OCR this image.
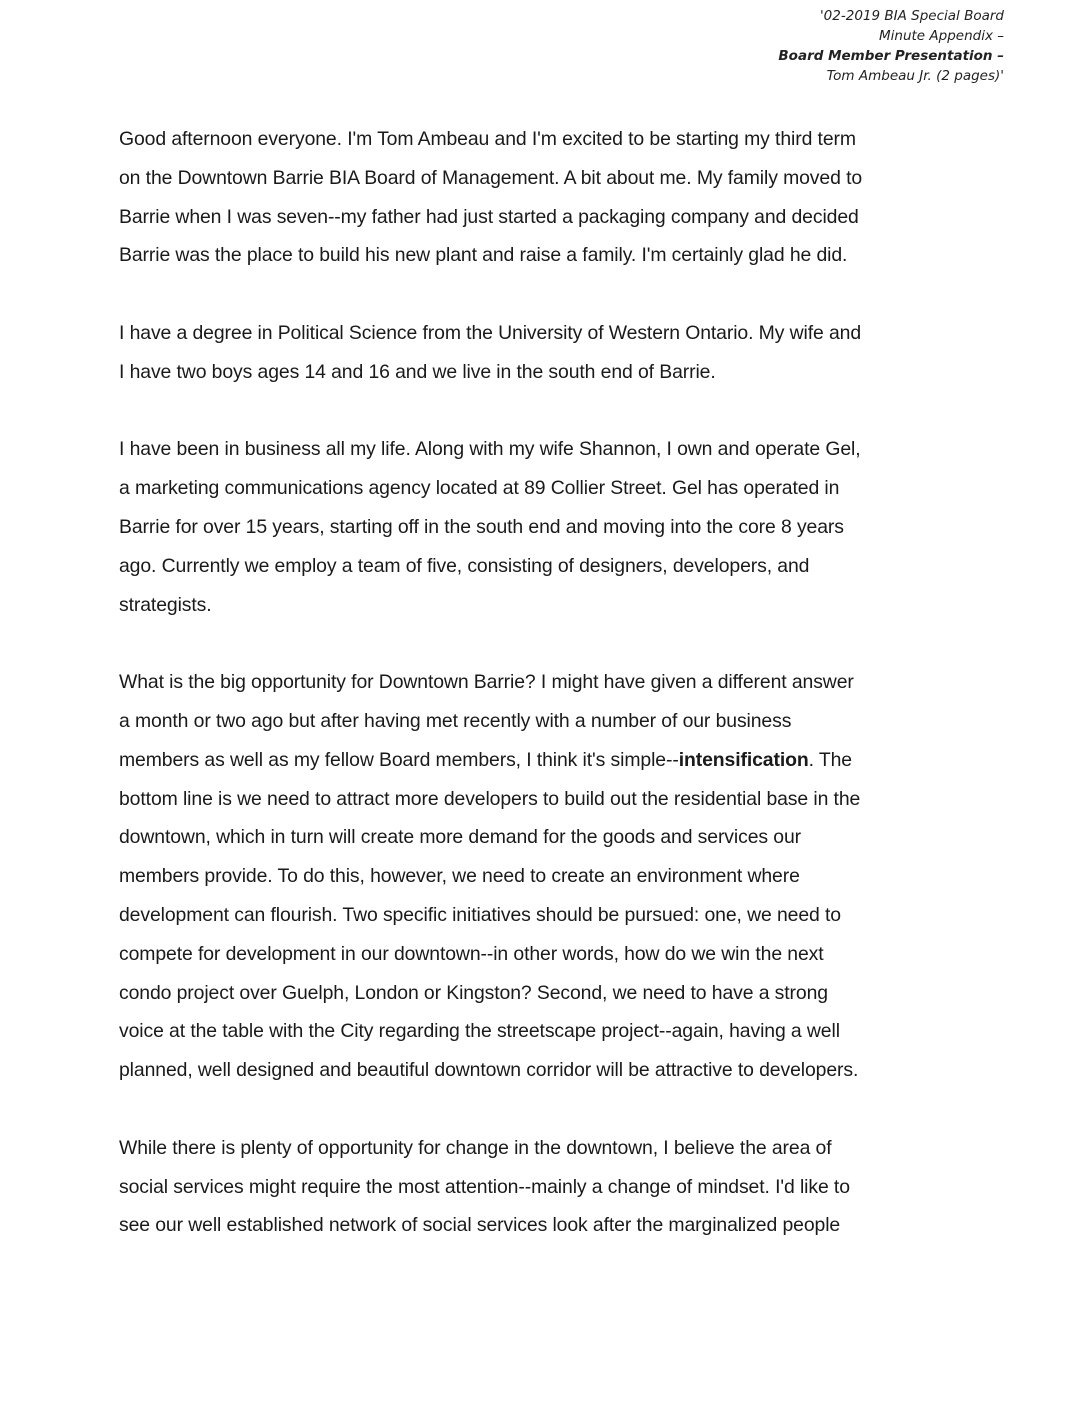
'02-2019 BIA Special Board
Minute Appendix –
Board Member Presentation –
Tom Ambeau Jr. (2 pages)'
Good afternoon everyone. I'm Tom Ambeau and I'm excited to be starting my third term
on the Downtown Barrie BIA Board of Management. A bit about me. My family moved to
Barrie when I was seven--my father had just started a packaging company and decided
Barrie was the place to build his new plant and raise a family. I'm certainly glad he did.
I have a degree in Political Science from the University of Western Ontario. My wife and
I have two boys ages 14 and 16 and we live in the south end of Barrie.
I have been in business all my life. Along with my wife Shannon, I own and operate Gel,
a marketing communications agency located at 89 Collier Street. Gel has operated in
Barrie for over 15 years, starting off in the south end and moving into the core 8 years
ago. Currently we employ a team of five, consisting of designers, developers, and
strategists.
What is the big opportunity for Downtown Barrie? I might have given a different answer
a month or two ago but after having met recently with a number of our business
members as well as my fellow Board members, I think it's simple--intensification. The
bottom line is we need to attract more developers to build out the residential base in the
downtown, which in turn will create more demand for the goods and services our
members provide. To do this, however, we need to create an environment where
development can flourish. Two specific initiatives should be pursued: one, we need to
compete for development in our downtown--in other words, how do we win the next
condo project over Guelph, London or Kingston? Second, we need to have a strong
voice at the table with the City regarding the streetscape project--again, having a well
planned, well designed and beautiful downtown corridor will be attractive to developers.
While there is plenty of opportunity for change in the downtown, I believe the area of
social services might require the most attention--mainly a change of mindset. I'd like to
see our well established network of social services look after the marginalized people
